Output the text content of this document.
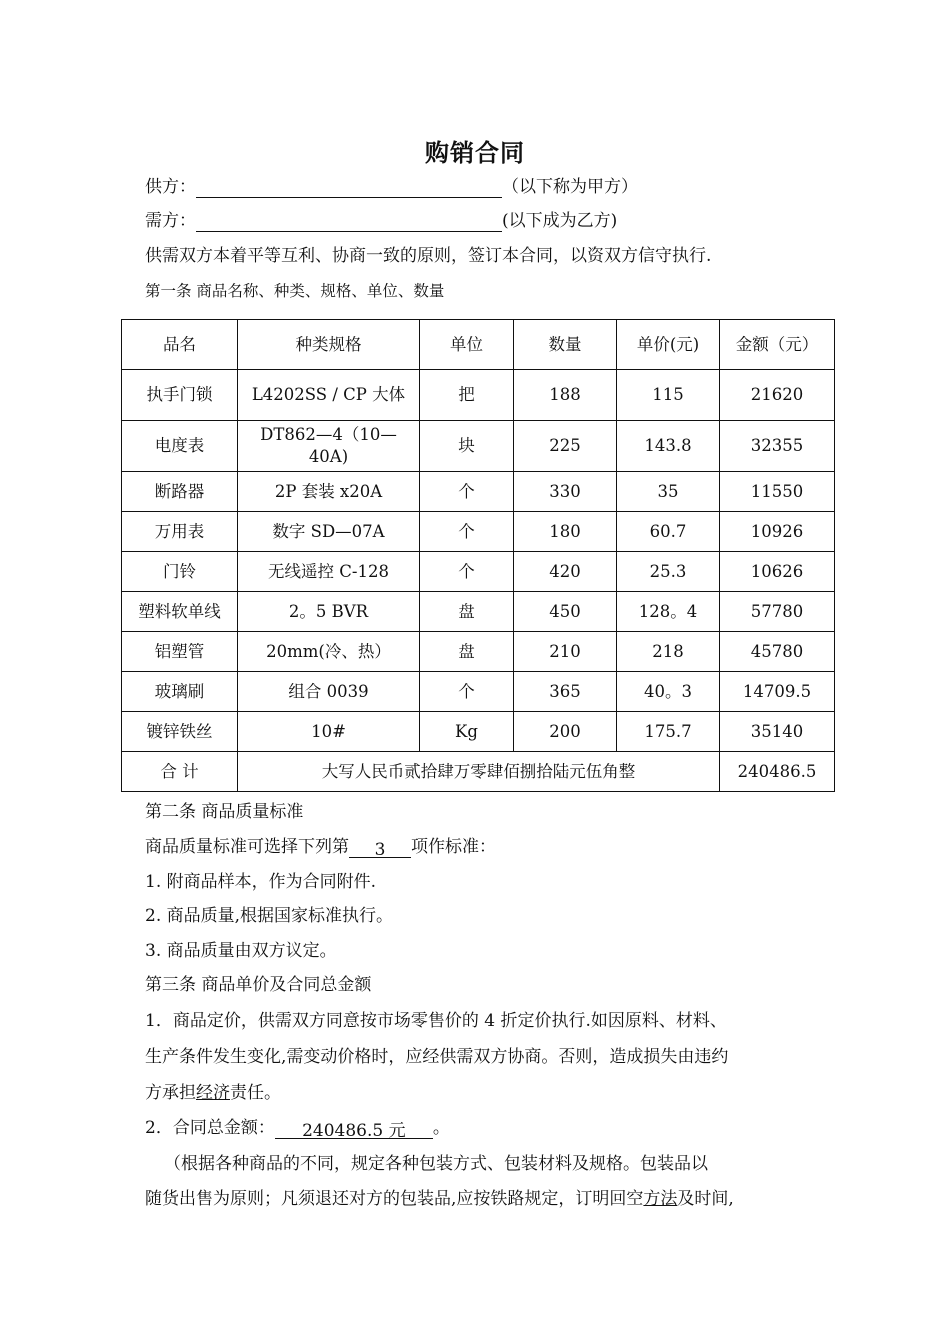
购销合同
供方：	（以下称为甲方）
需方：	(以下成为乙方)
供需双方本着平等互利、协商一致的原则，签订本合同，以资双方信守执行.
第一条 商品名称、种类、规格、单位、数量
品名	种类规格	单位	数量	单价(元)	金额（元）
执手门锁	L4202SS / CP 大体	把	188	115	21620
电度表	DT862—4（10—40A)	块	225	143.8	32355
断路器	2P 套装 x20A	个	330	35	11550
万用表	数字 SD—07A	个	180	60.7	10926
门铃	无线遥控 C-128	个	420	25.3	10626
塑料软单线	2。5 BVR	盘	450	128。4	57780
铝塑管	20mm(冷、热）	盘	210	218	45780
玻璃刷	组合 0039	个	365	40。3	14709.5
镀锌铁丝	10#	Kg	200	175.7	35140
合 计	大写人民币贰拾肆万零肆佰捌拾陆元伍角整				240486.5
第二条 商品质量标准
商品质量标准可选择下列第 3 项作标准：
1. 附商品样本，作为合同附件.
2. 商品质量,根据国家标准执行。
3. 商品质量由双方议定。
第三条 商品单价及合同总金额
1．商品定价，供需双方同意按市场零售价的 4 折定价执行.如因原料、材料、
生产条件发生变化,需变动价格时，应经供需双方协商。否则，造成损失由违约
方承担经济责任。
2．合同总金额： 240486.5 元 。
（根据各种商品的不同，规定各种包装方式、包装材料及规格。包装品以
随货出售为原则；凡须退还对方的包装品,应按铁路规定，订明回空方法及时间,
